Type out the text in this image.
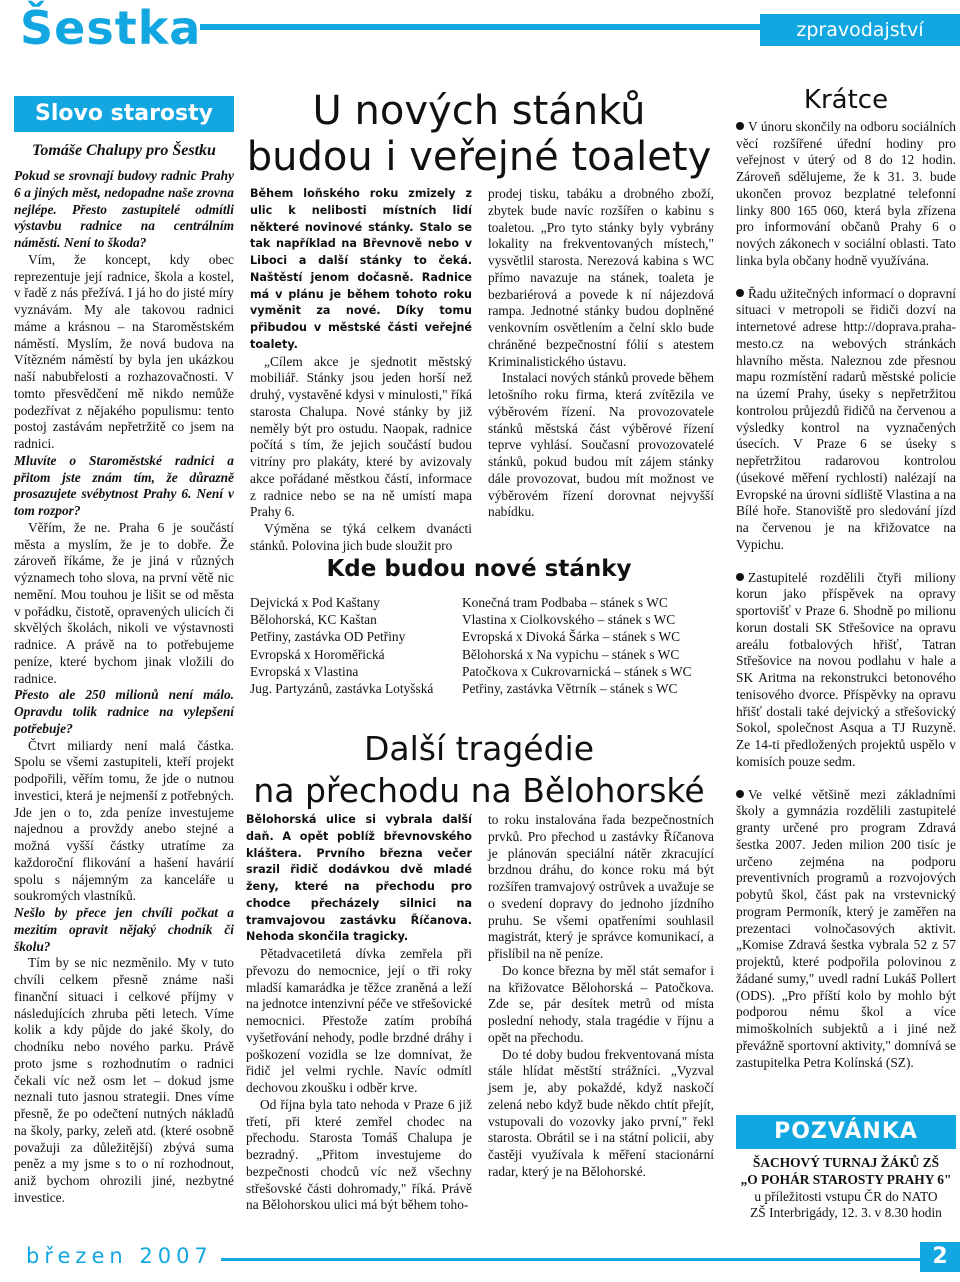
Šestka	zpravodajství
Slovo starosty
Tomáše Chalupy pro Šestku

Pokud se srovnají budovy radnic Prahy 6 a jiných měst, nedopadne naše zrovna nejlépe. Přesto zastupitelé odmítli výstavbu radnice na centrálním náměstí. Není to škoda?

Vím, že koncept, kdy obec reprezentuje její radnice, škola a kostel, v řadě z nás přežívá. I já ho do jisté míry vyznávám. My ale takovou radnici máme a krásnou – na Staroměstském náměstí. Myslím, že nová budova na Vítězném náměstí by byla jen ukázkou naší nabubřelosti a rozhazovačnosti. V tomto přesvědčení mě nikdo nemůže podezřívat z nějakého populismu: tento postoj zastávám nepřetržitě co jsem na radnici.

Mluvíte o Staroměstské radnici a přitom jste znám tím, že důrazně prosazujete svébytnost Prahy 6. Není v tom rozpor?

Věřím, že ne. Praha 6 je součástí města a myslím, že je to dobře. Že zároveň říkáme, že je jiná v různých významech toho slova, na první větě nic nemění. Mou touhou je lišit se od města v pořádku, čistotě, opravených ulicích či skvělých školách, nikoli ve výstavnosti radnice. A právě na to potřebujeme peníze, které bychom jinak vložili do radnice.

Přesto ale 250 milionů není málo. Opravdu tolik radnice na vylepšení potřebuje?

Čtvrt miliardy není malá částka. Spolu se všemi zastupiteli, kteří projekt podpořili, věřím tomu, že jde o nutnou investici, která je nejmenší z potřebných. Jde jen o to, zda peníze investujeme najednou a provždy anebo stejné a možná vyšší částky utratíme za každoroční flikování a hašení havárií spolu s nájemným za kanceláře u soukromých vlastníků.

Nešlo by přece jen chvíli počkat a mezitím opravit nějaký chodník či školu?

Tím by se nic nezměnilo. My v tuto chvíli celkem přesně známe naši finanční situaci i celkové příjmy v následujících zhruba pěti letech. Víme kolik a kdy půjde do jaké školy, do chodníku nebo nového parku. Právě proto jsme s rozhodnutím o radnici čekali víc než osm let – dokud jsme neznali tuto jasnou strategii. Dnes víme přesně, že po odečtení nutných nákladů na školy, parky, zeleň atd. (které osobně považuji za důležitější) zbývá suma peněz a my jsme s to o ní rozhodnout, aniž bychom ohrozili jiné, nezbytné investice.

U nových stánků
budou i veřejné toalety

Během loňského roku zmizely z ulic k nelibosti místních lidí některé novinové stánky. Stalo se tak například na Břevnově nebo v Liboci a další stánky to čeká. Naštěstí jenom dočasně. Radnice má v plánu je během tohoto roku vyměnit za nové. Díky tomu přibudou v městské části veřejné toalety.

„Cílem akce je sjednotit městský mobiliář. Stánky jsou jeden horší než druhý, vystavěné kdysi v minulosti," říká starosta Chalupa. Nové stánky by již neměly být pro ostudu. Naopak, radnice počítá s tím, že jejich součástí budou vitríny pro plakáty, které by avizovaly akce pořádané městkou částí, informace z radnice nebo se na ně umístí mapa Prahy 6.

Výměna se týká celkem dvanácti stánků. Polovina jich bude sloužit pro

prodej tisku, tabáku a drobného zboží, zbytek bude navíc rozšířen o kabinu s toaletou. „Pro tyto stánky byly vybrány lokality na frekventovaných místech," vysvětlil starosta. Nerezová kabina s WC přímo navazuje na stánek, toaleta je bezbariérová a povede k ní nájezdová rampa. Jednotné stánky budou doplněné venkovním osvětlením a čelní sklo bude chráněné bezpečnostní fólií s atestem Kriminalistického ústavu.

Instalaci nových stánků provede během letošního roku firma, která zvítězila ve výběrovém řízení. Na provozovatele stánků městská část výběrové řízení teprve vyhlásí. Současní provozovatelé stánků, pokud budou mít zájem stánky dále provozovat, budou mít možnost ve výběrovém řízení dorovnat nejvyšší nabídku.

Kde budou nové stánky
Dejvická x Pod Kaštany
Bělohorská, KC Kaštan
Petřiny, zastávka OD Petřiny
Evropská x Horoměřická
Evropská x Vlastina
Jug. Partyzánů, zastávka Lotyšská
Konečná tram Podbaba – stánek s WC
Vlastina x Ciolkovského – stánek s WC
Evropská x Divoká Šárka – stánek s WC
Bělohorská x Na vypichu – stánek s WC
Patočkova x Cukrovarnická – stánek s WC
Petřiny, zastávka Větrník – stánek s WC
Další tragédie
na přechodu na Bělohorské

Bělohorská ulice si vybrala další daň. A opět poblíž břevnovského kláštera. Prvního března večer srazil řidič dodávkou dvě mladé ženy, které na přechodu pro chodce přecházely silnici na tramvajovou zastávku Říčanova. Nehoda skončila tragicky.

Pětadvacetiletá dívka zemřela při převozu do nemocnice, její o tři roky mladší kamarádka je těžce zraněná a leží na jednotce intenzivní péče ve střešovické nemocnici. Přestože zatím probíhá vyšetřování nehody, podle brzdné dráhy i poškození vozidla se lze domnívat, že řidič jel velmi rychle. Navíc odmítl dechovou zkoušku i odběr krve.

Od října byla tato nehoda v Praze 6 již třetí, při které zemřel chodec na přechodu. Starosta Tomáš Chalupa je bezradný. „Přitom investujeme do bezpečnosti chodců víc než všechny střešovské části dohromady," říká. Právě na Bělohorskou ulici má být během toho-

to roku instalována řada bezpečnostních prvků. Pro přechod u zastávky Říčanova je plánován speciální nátěr zkracující brzdnou dráhu, do konce roku má být rozšířen tramvajový ostrůvek a uvažuje se o svedení dopravy do jednoho jízdního pruhu. Se všemi opatřeními souhlasil magistrát, který je správce komunikací, a přislíbil na ně peníze.

Do konce března by měl stát semafor i na křižovatce Bělohorská – Patočkova. Zde se, pár desítek metrů od místa poslední nehody, stala tragédie v říjnu a opět na přechodu.

Do té doby budou frekventovaná místa stále hlídat městští strážníci. „Vyzval jsem je, aby pokaždé, když naskočí zelená nebo když bude někdo chtít přejít, vstupovali do vozovky jako první," řekl starosta. Obrátil se i na státní policii, aby častěji využívala k měření stacionární radar, který je na Bělohorské.

Krátce

V únoru skončily na odboru sociálních věcí rozšířené úřední hodiny pro veřejnost v úterý od 8 do 12 hodin. Zároveň sdělujeme, že k 31. 3. bude ukončen provoz bezplatné telefonní linky 800 165 060, která byla zřízena pro informování občanů Prahy 6 o nových zákonech v sociální oblasti. Tato linka byla občany hodně využívána.

Řadu užitečných informací o dopravní situaci v metropoli se řidiči dozví na internetové adrese http://doprava.praha-mesto.cz na webových stránkách hlavního města. Naleznou zde přesnou mapu rozmístění radarů městské policie na území Prahy, úseky s nepřetržitou kontrolou průjezdů řidičů na červenou a výsledky kontrol na vyznačených úsecích. V Praze 6 se úseky s nepřetržitou radarovou kontrolou (úsekové měření rychlosti) nalézají na Evropské na úrovni sídliště Vlastina a na Bílé hoře. Stanoviště pro sledování jízd na červenou je na křižovatce na Vypichu.

Zastupitelé rozdělili čtyři miliony korun jako příspěvek na opravy sportovišť v Praze 6. Shodně po milionu korun dostali SK Střešovice na opravu areálu fotbalových hřišť, Tatran Střešovice na novou podlahu v hale a SK Aritma na rekonstrukci betonového tenisového dvorce. Příspěvky na opravu hřišť dostali také dejvický a střešovický Sokol, společnost Asqua a TJ Ruzyně. Ze 14-ti předložených projektů uspělo v komisích pouze sedm.

Ve velké většině mezi základními školy a gymnázia rozdělili zastupitelé granty určené pro program Zdravá šestka 2007. Jeden milion 200 tisíc je určeno zejména na podporu preventivních programů a rozvojových pobytů škol, část pak na vrstevnický program Permoník, který je zaměřen na prezentaci volnočasových aktivit. „Komise Zdravá šestka vybrala 52 z 57 projektů, které podpořila polovinou z žádané sumy," uvedl radní Lukáš Pollert (ODS). „Pro příští kolo by mohlo být podporou nému škol a více mimoškolních subjektů a i jiné než převážně sportovní aktivity," domnívá se zastupitelka Petra Kolínská (SZ).

POZVÁNKA
ŠACHOVÝ TURNAJ ŽÁKŮ ZŠ
„O POHÁR STAROSTY PRAHY 6"
u příležitosti vstupu ČR do NATO
ZŠ Interbrigády, 12. 3. v 8.30 hodin
březen 2007	2
